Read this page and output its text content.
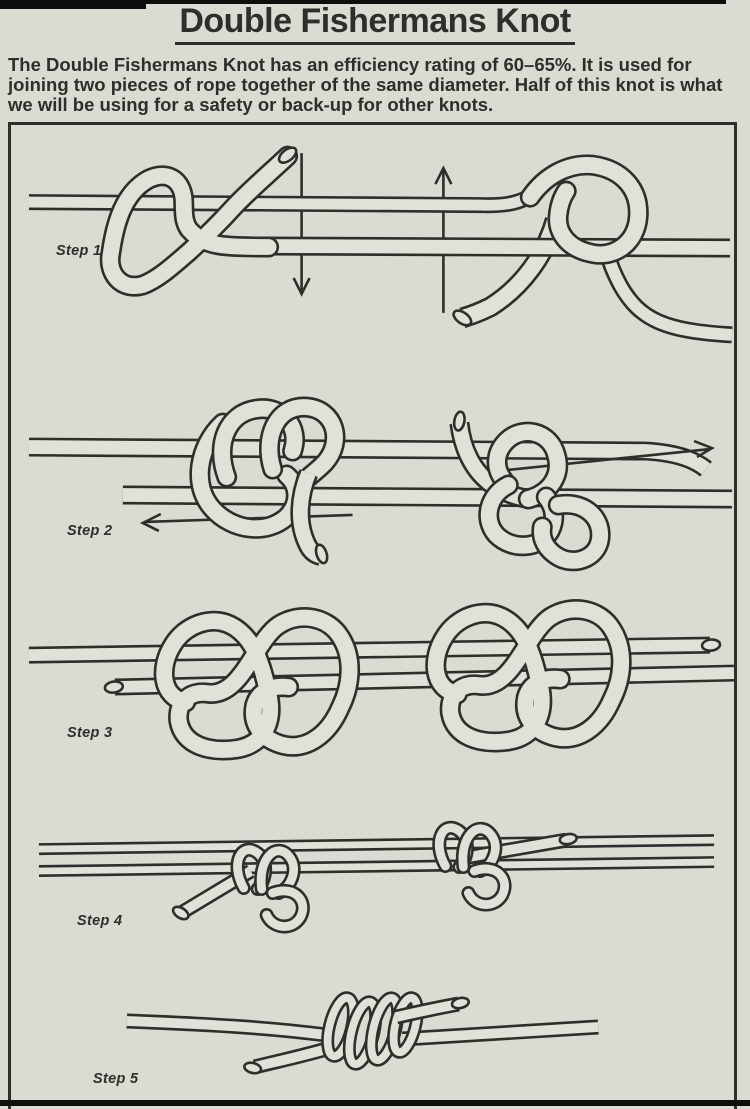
Double Fishermans Knot

The Double Fishermans Knot has an efficiency rating of 60–65%. It is used for joining two pieces of rope together of the same diameter. Half of this knot is what we will be using for a safety or back-up for other knots.

Step 1
Step 2
Step 3
Step 4
Step 5
